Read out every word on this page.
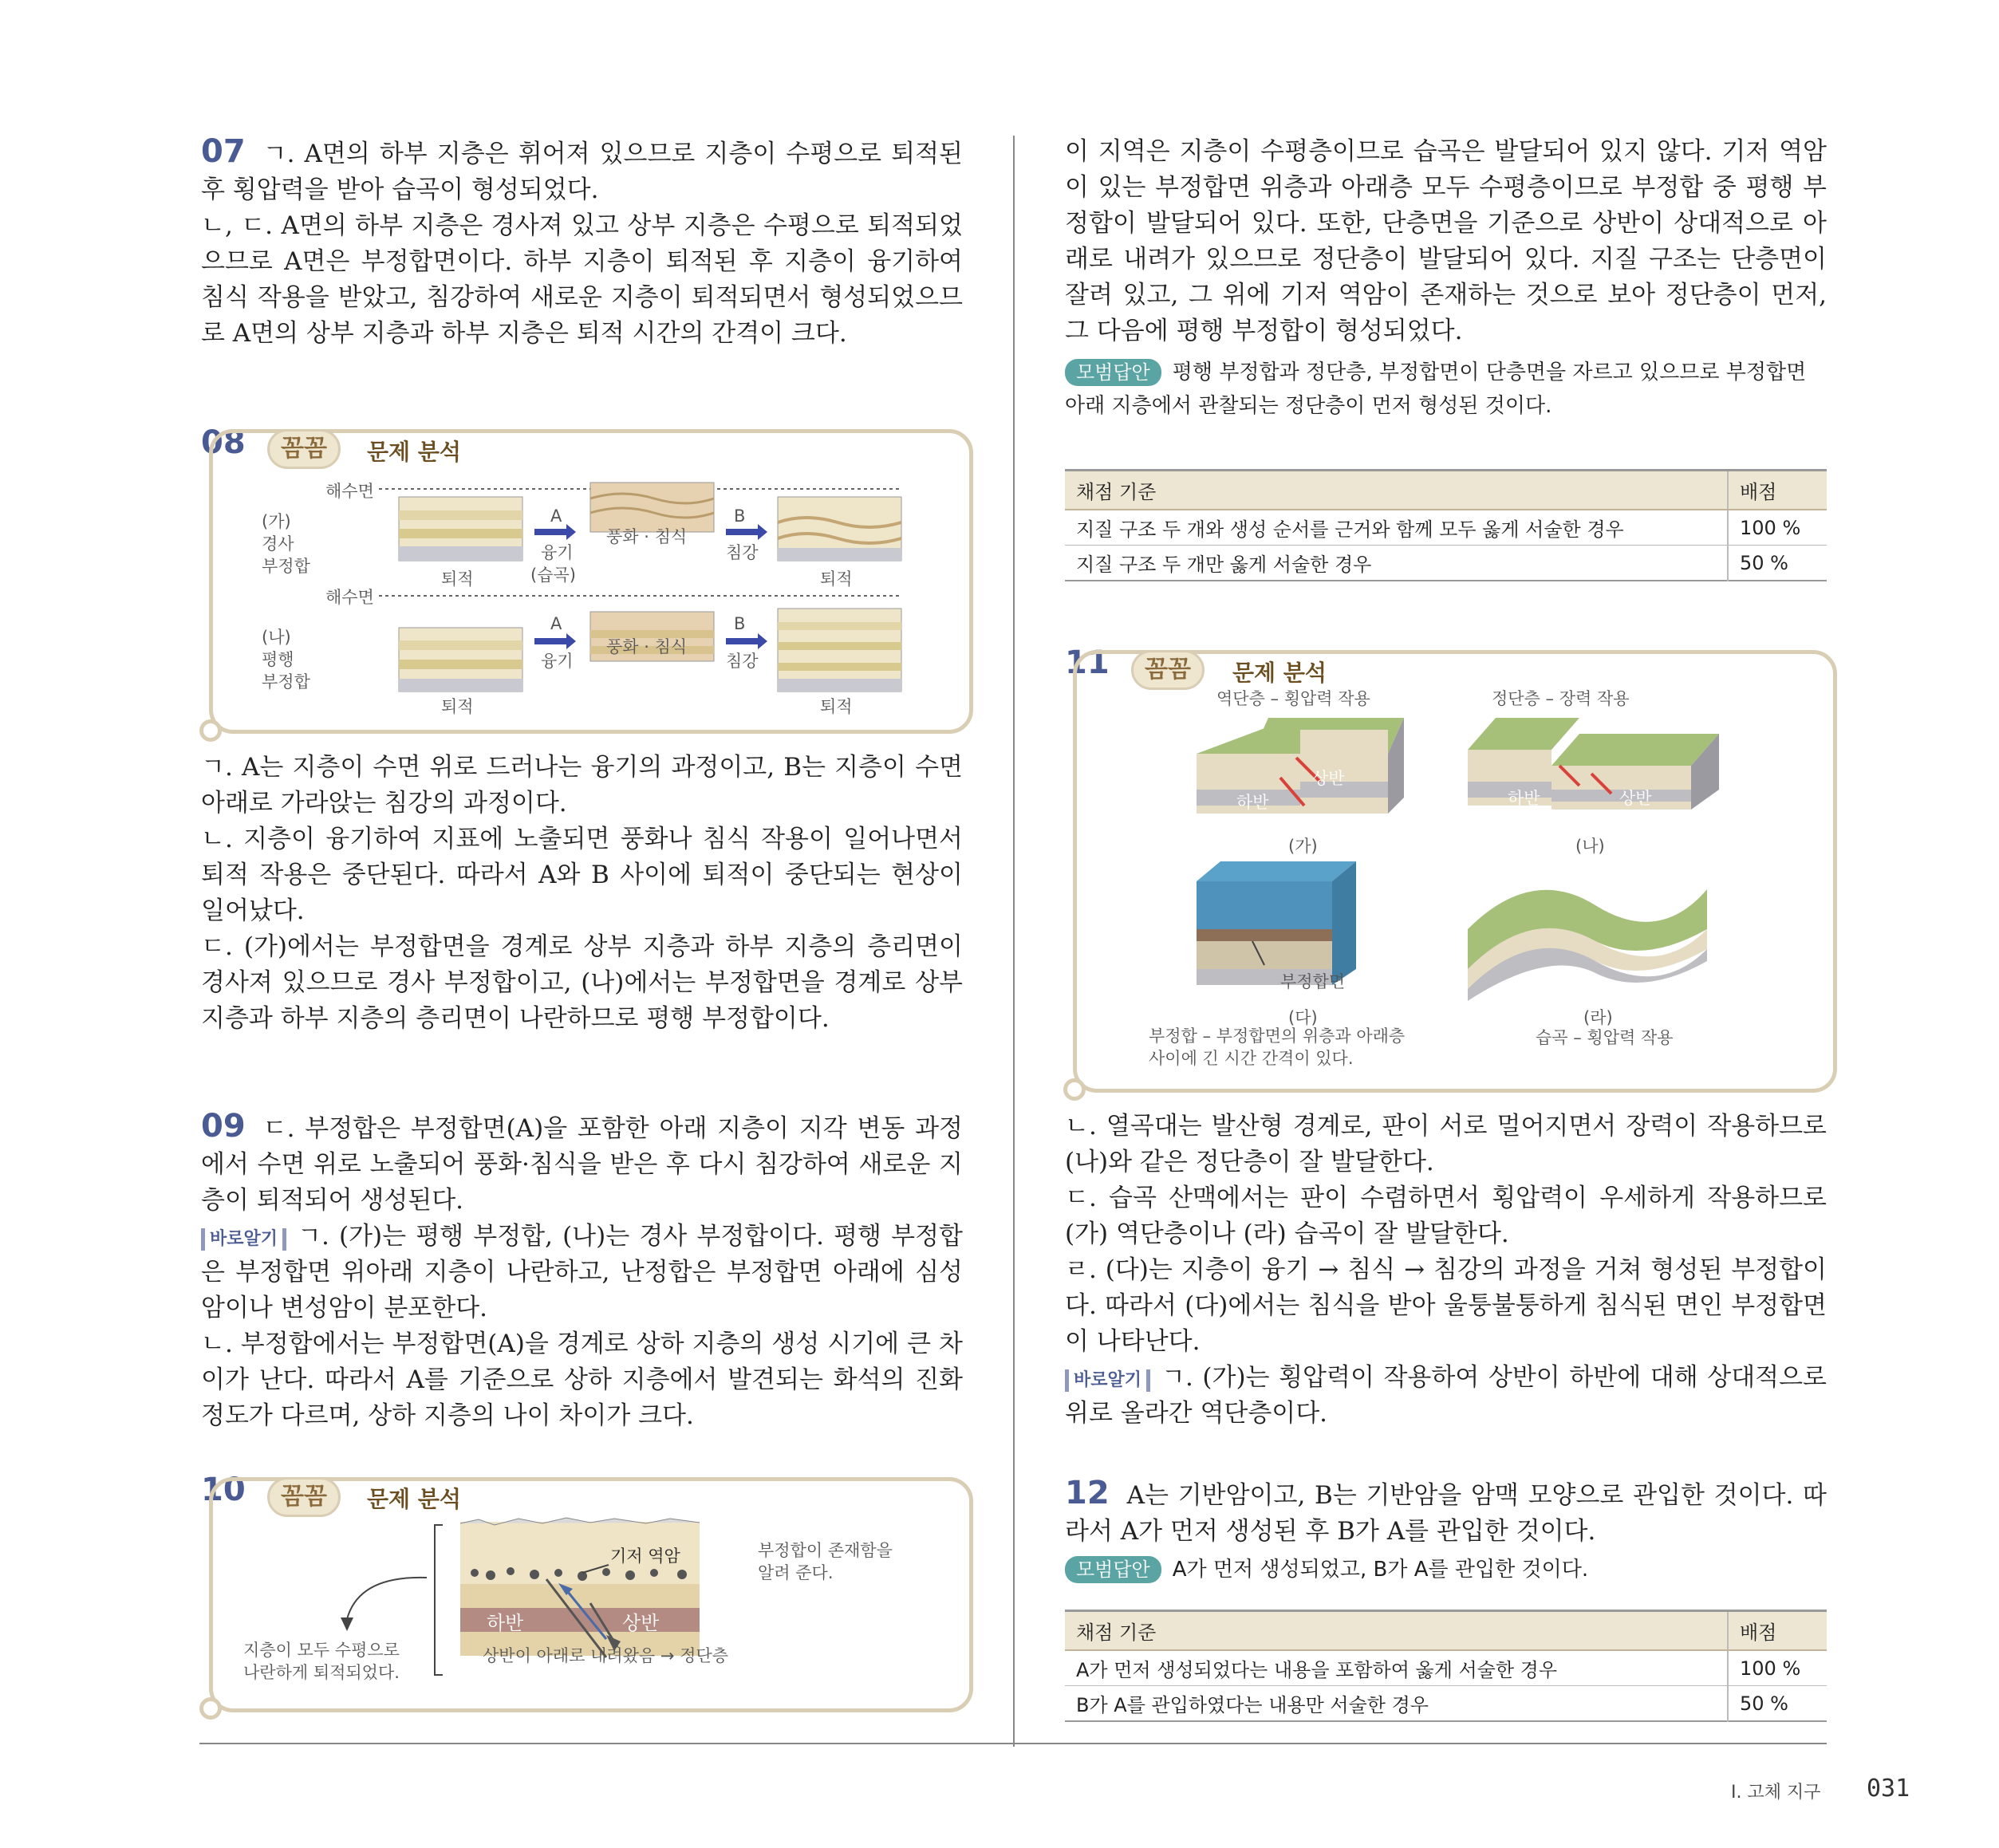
07 ㄱ. A면의 하부 지층은 휘어져 있으므로 지층이 수평으로 퇴적된 후 횡압력을 받아 습곡이 형성되었다.

ㄴ, ㄷ. A면의 하부 지층은 경사져 있고 상부 지층은 수평으로 퇴적되었으므로 A면은 부정합면이다. 하부 지층이 퇴적된 후 지층이 융기하여 침식 작용을 받았고, 침강하여 새로운 지층이 퇴적되면서 형성되었으므로 A면의 상부 지층과 하부 지층은 퇴적 시간의 간격이 크다.

08	꼼꼼	문제 분석
해수면
해수면
(가)
경사
부정합
(나)
평행
부정합
퇴적	퇴적
퇴적	퇴적
A	B
융기
(습곡)
풍화 · 침식
침강
A	B
융기
풍화 · 침식
침강

ㄱ. A는 지층이 수면 위로 드러나는 융기의 과정이고, B는 지층이 수면 아래로 가라앉는 침강의 과정이다.

ㄴ. 지층이 융기하여 지표에 노출되면 풍화나 침식 작용이 일어나면서 퇴적 작용은 중단된다. 따라서 A와 B 사이에 퇴적이 중단되는 현상이 일어났다.

ㄷ. (가)에서는 부정합면을 경계로 상부 지층과 하부 지층의 층리면이 경사져 있으므로 경사 부정합이고, (나)에서는 부정합면을 경계로 상부 지층과 하부 지층의 층리면이 나란하므로 평행 부정합이다.

09 ㄷ. 부정합은 부정합면(A)을 포함한 아래 지층이 지각 변동 과정에서 수면 위로 노출되어 풍화·침식을 받은 후 다시 침강하여 새로운 지층이 퇴적되어 생성된다.

바로알기 ㄱ. (가)는 평행 부정합, (나)는 경사 부정합이다. 평행 부정합은 부정합면 위아래 지층이 나란하고, 난정합은 부정합면 아래에 심성암이나 변성암이 분포한다.

ㄴ. 부정합에서는 부정합면(A)을 경계로 상하 지층의 생성 시기에 큰 차이가 난다. 따라서 A를 기준으로 상하 지층에서 발견되는 화석의 진화 정도가 다르며, 상하 지층의 나이 차이가 크다.

10	꼼꼼	문제 분석
기저 역암
하반	상반
부정합이 존재함을
알려 준다.
지층이 모두 수평으로
나란하게 퇴적되었다.
상반이 아래로 내려왔음 → 정단층

이 지역은 지층이 수평층이므로 습곡은 발달되어 있지 않다. 기저 역암이 있는 부정합면 위층과 아래층 모두 수평층이므로 부정합 중 평행 부정합이 발달되어 있다. 또한, 단층면을 기준으로 상반이 상대적으로 아래로 내려가 있으므로 정단층이 발달되어 있다. 지질 구조는 단층면이 잘려 있고, 그 위에 기저 역암이 존재하는 것으로 보아 정단층이 먼저, 그 다음에 평행 부정합이 형성되었다.

모범답안 평행 부정합과 정단층, 부정합면이 단층면을 자르고 있으므로 부정합면 아래 지층에서 관찰되는 정단층이 먼저 형성된 것이다.

채점 기준	배점
지질 구조 두 개와 생성 순서를 근거와 함께 모두 옳게 서술한 경우	100 %
지질 구조 두 개만 옳게 서술한 경우	50 %
11	꼼꼼	문제 분석
역단층 – 횡압력 작용	정단층 – 장력 작용
상반
하반	하반	상반
(가)	(나)
부정합면
(다)	(라)
부정합 – 부정합면의 위층과 아래층
사이에 긴 시간 간격이 있다.
습곡 – 횡압력 작용

ㄴ. 열곡대는 발산형 경계로, 판이 서로 멀어지면서 장력이 작용하므로 (나)와 같은 정단층이 잘 발달한다.

ㄷ. 습곡 산맥에서는 판이 수렴하면서 횡압력이 우세하게 작용하므로 (가) 역단층이나 (라) 습곡이 잘 발달한다.

ㄹ. (다)는 지층이 융기 → 침식 → 침강의 과정을 거쳐 형성된 부정합이다. 따라서 (다)에서는 침식을 받아 울퉁불퉁하게 침식된 면인 부정합면이 나타난다.

바로알기 ㄱ. (가)는 횡압력이 작용하여 상반이 하반에 대해 상대적으로 위로 올라간 역단층이다.

12 A는 기반암이고, B는 기반암을 암맥 모양으로 관입한 것이다. 따라서 A가 먼저 생성된 후 B가 A를 관입한 것이다.

모범답안 A가 먼저 생성되었고, B가 A를 관입한 것이다.

채점 기준	배점
A가 먼저 생성되었다는 내용을 포함하여 옳게 서술한 경우	100 %
B가 A를 관입하였다는 내용만 서술한 경우	50 %
I. 고체 지구 031
